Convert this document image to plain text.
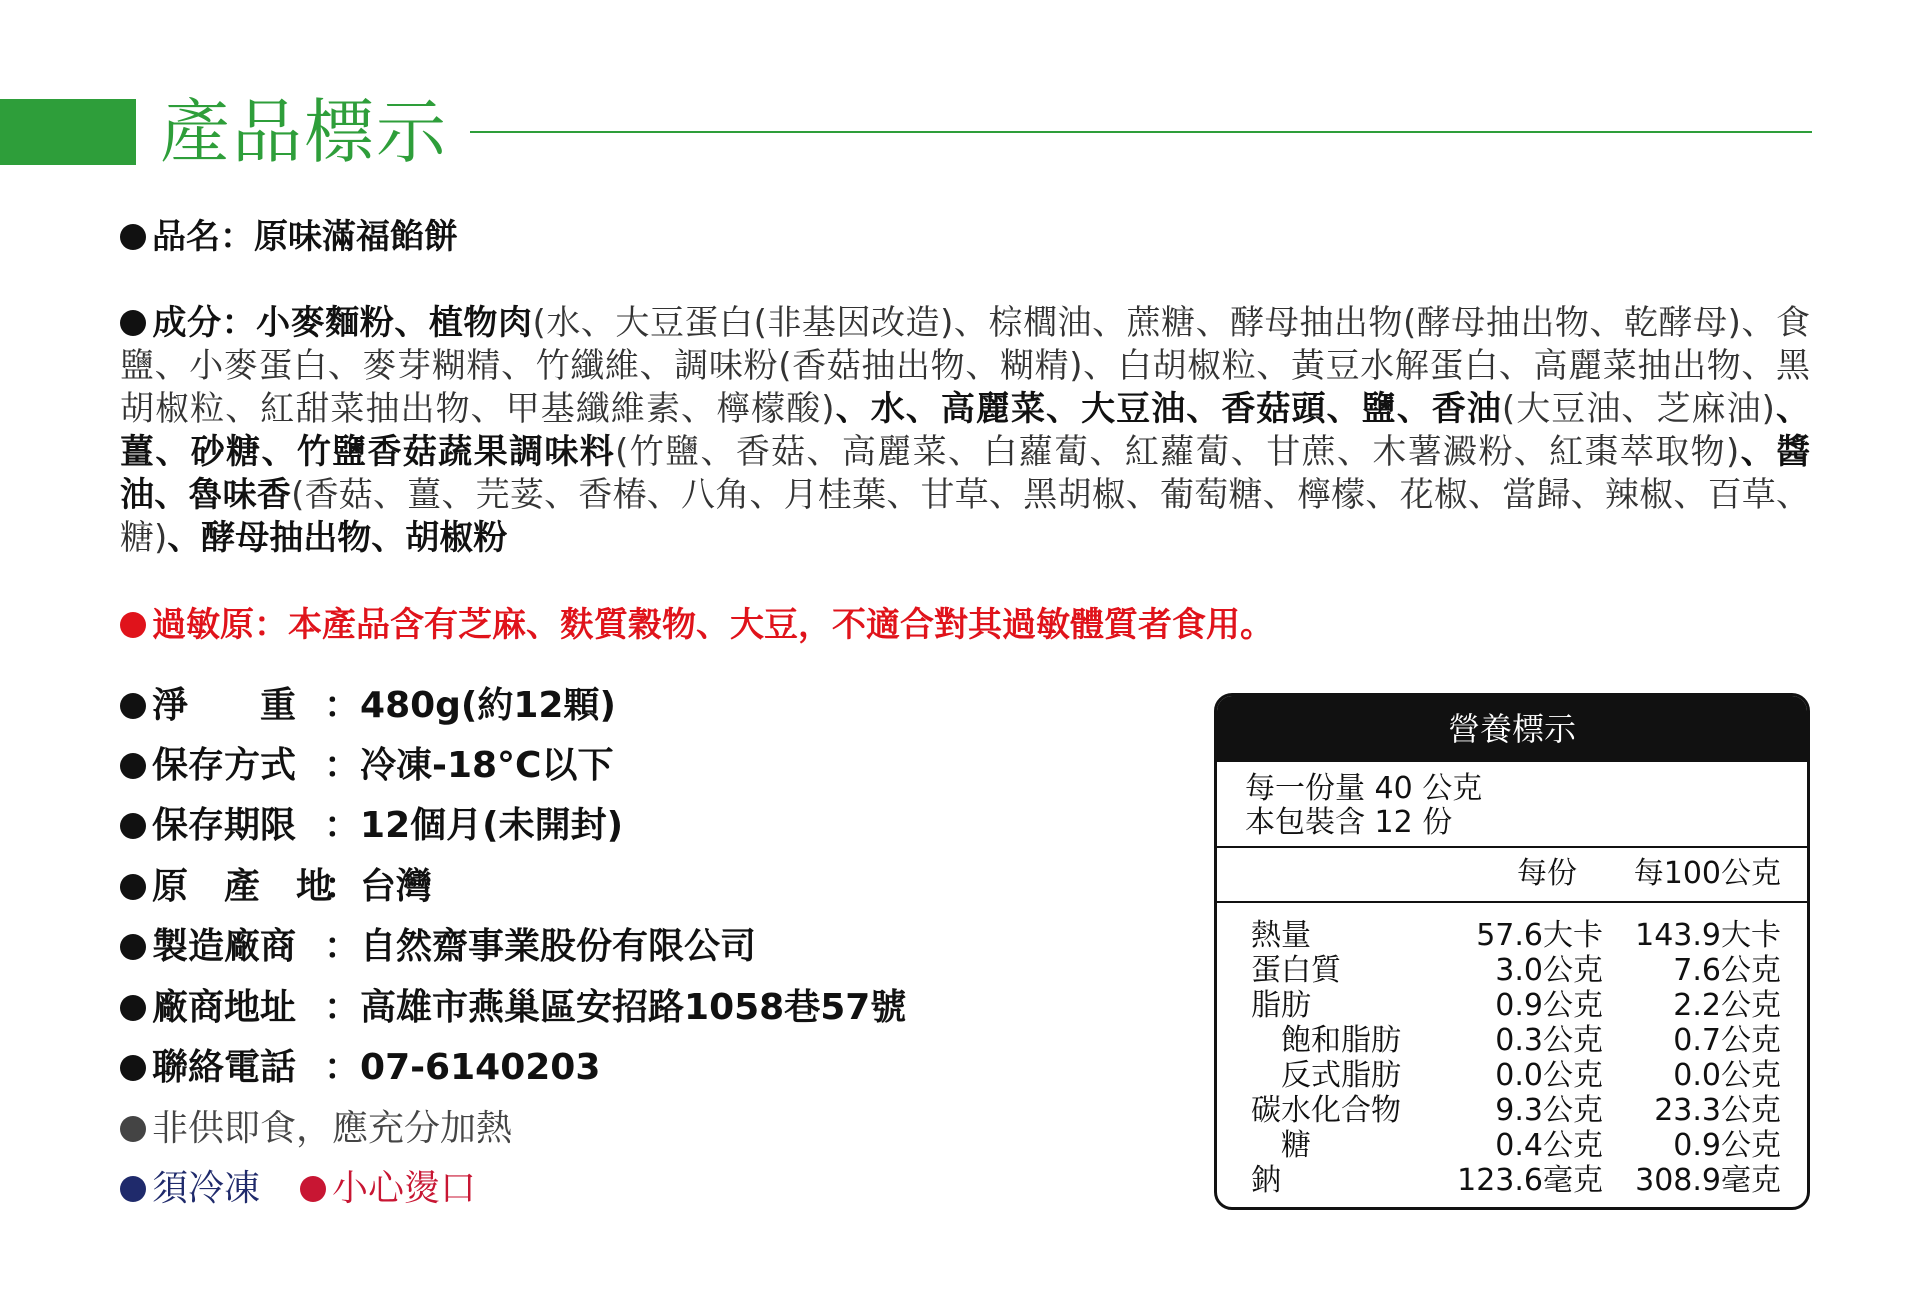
產品標示
品名：原味滿福餡餅
成分：小麥麵粉、植物肉(水、大豆蛋白(非基因改造)、棕櫚油、蔗糖、酵母抽出物(酵母抽出物、乾酵母)、食鹽、小麥蛋白、麥芽糊精、竹纖維、調味粉(香菇抽出物、糊精)、白胡椒粒、黃豆水解蛋白、高麗菜抽出物、黑胡椒粒、紅甜菜抽出物、甲基纖維素、檸檬酸)、水、高麗菜、大豆油、香菇頭、鹽、香油(大豆油、芝麻油)、薑、砂糖、竹鹽香菇蔬果調味料(竹鹽、香菇、高麗菜、白蘿蔔、紅蘿蔔、甘蔗、木薯澱粉、紅棗萃取物)、醬油、魯味香(香菇、薑、芫荽、香椿、八角、月桂葉、甘草、黑胡椒、葡萄糖、檸檬、花椒、當歸、辣椒、百草、糖)、酵母抽出物、胡椒粉
過敏原：本產品含有芝麻、麩質穀物、大豆，不適合對其過敏體質者食用。
淨　　重 ：480g(約12顆)
保存方式 ：冷凍-18°C以下
保存期限 ：12個月(未開封)
原　產　地：台灣
製造廠商 ：自然齋事業股份有限公司
廠商地址 ：高雄市燕巢區安招路1058巷57號
聯絡電話 ：07-6140203
非供即食，應充分加熱
須冷凍 小心燙口
營養標示
每一份量 40 公克
本包裝含 12 份
每份 每100公克
熱量	57.6大卡 143.9大卡
蛋白質	3.0公克 7.6公克
脂肪	0.9公克 2.2公克
飽和脂肪	0.3公克 0.7公克
反式脂肪	0.0公克 0.0公克
碳水化合物	9.3公克 23.3公克
糖	0.4公克 0.9公克
鈉	123.6毫克 308.9毫克
